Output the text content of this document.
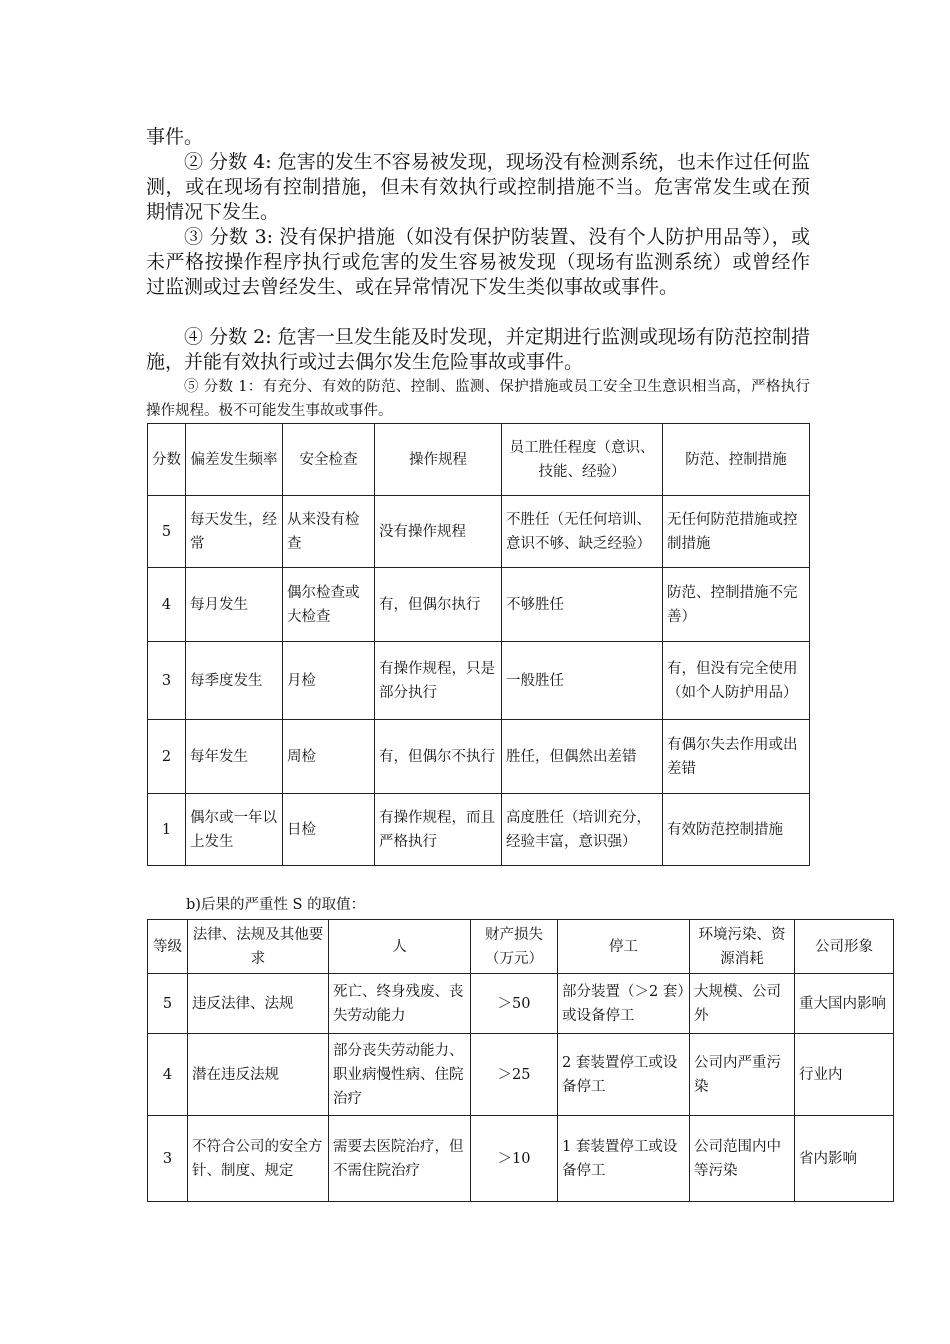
事件。
② 分数 4: 危害的发生不容易被发现，现场没有检测系统，也未作过任何监测，或在现场有控制措施，但未有效执行或控制措施不当。危害常发生或在预期情况下发生。
③ 分数 3: 没有保护措施（如没有保护防装置、没有个人防护用品等），或未严格按操作程序执行或危害的发生容易被发现（现场有监测系统）或曾经作过监测或过去曾经发生、或在异常情况下发生类似事故或事件。
④ 分数 2: 危害一旦发生能及时发现，并定期进行监测或现场有防范控制措施，并能有效执行或过去偶尔发生危险事故或事件。
⑤ 分数 1：有充分、有效的防范、控制、监测、保护措施或员工安全卫生意识相当高，严格执行操作规程。极不可能发生事故或事件。
分数	偏差发生频率	安全检查	操作规程	员工胜任程度（意识、技能、经验）	防范、控制措施
5	每天发生，经常	从来没有检查	没有操作规程	不胜任（无任何培训、意识不够、缺乏经验）	无任何防范措施或控制措施
4	每月发生	偶尔检查或大检查	有，但偶尔执行	不够胜任	防范、控制措施不完善）
3	每季度发生	月检	有操作规程，只是部分执行	一般胜任	有，但没有完全使用（如个人防护用品）
2	每年发生	周检	有，但偶尔不执行	胜任，但偶然出差错	有偶尔失去作用或出差错
1	偶尔或一年以上发生	日检	有操作规程，而且严格执行	高度胜任（培训充分，经验丰富，意识强）	有效防范控制措施
b)后果的严重性 S 的取值：
等级	法律、法规及其他要求	人	财产损失（万元）	停工	环境污染、资源消耗	公司形象
5	违反法律、法规	死亡、终身残废、丧失劳动能力	＞50	部分装置（＞2 套）或设备停工	大规模、公司外	重大国内影响
4	潜在违反法规	部分丧失劳动能力、职业病慢性病、住院治疗	＞25	2 套装置停工或设备停工	公司内严重污染	行业内
3	不符合公司的安全方针、制度、规定	需要去医院治疗，但不需住院治疗	＞10	1 套装置停工或设备停工	公司范围内中等污染	省内影响
